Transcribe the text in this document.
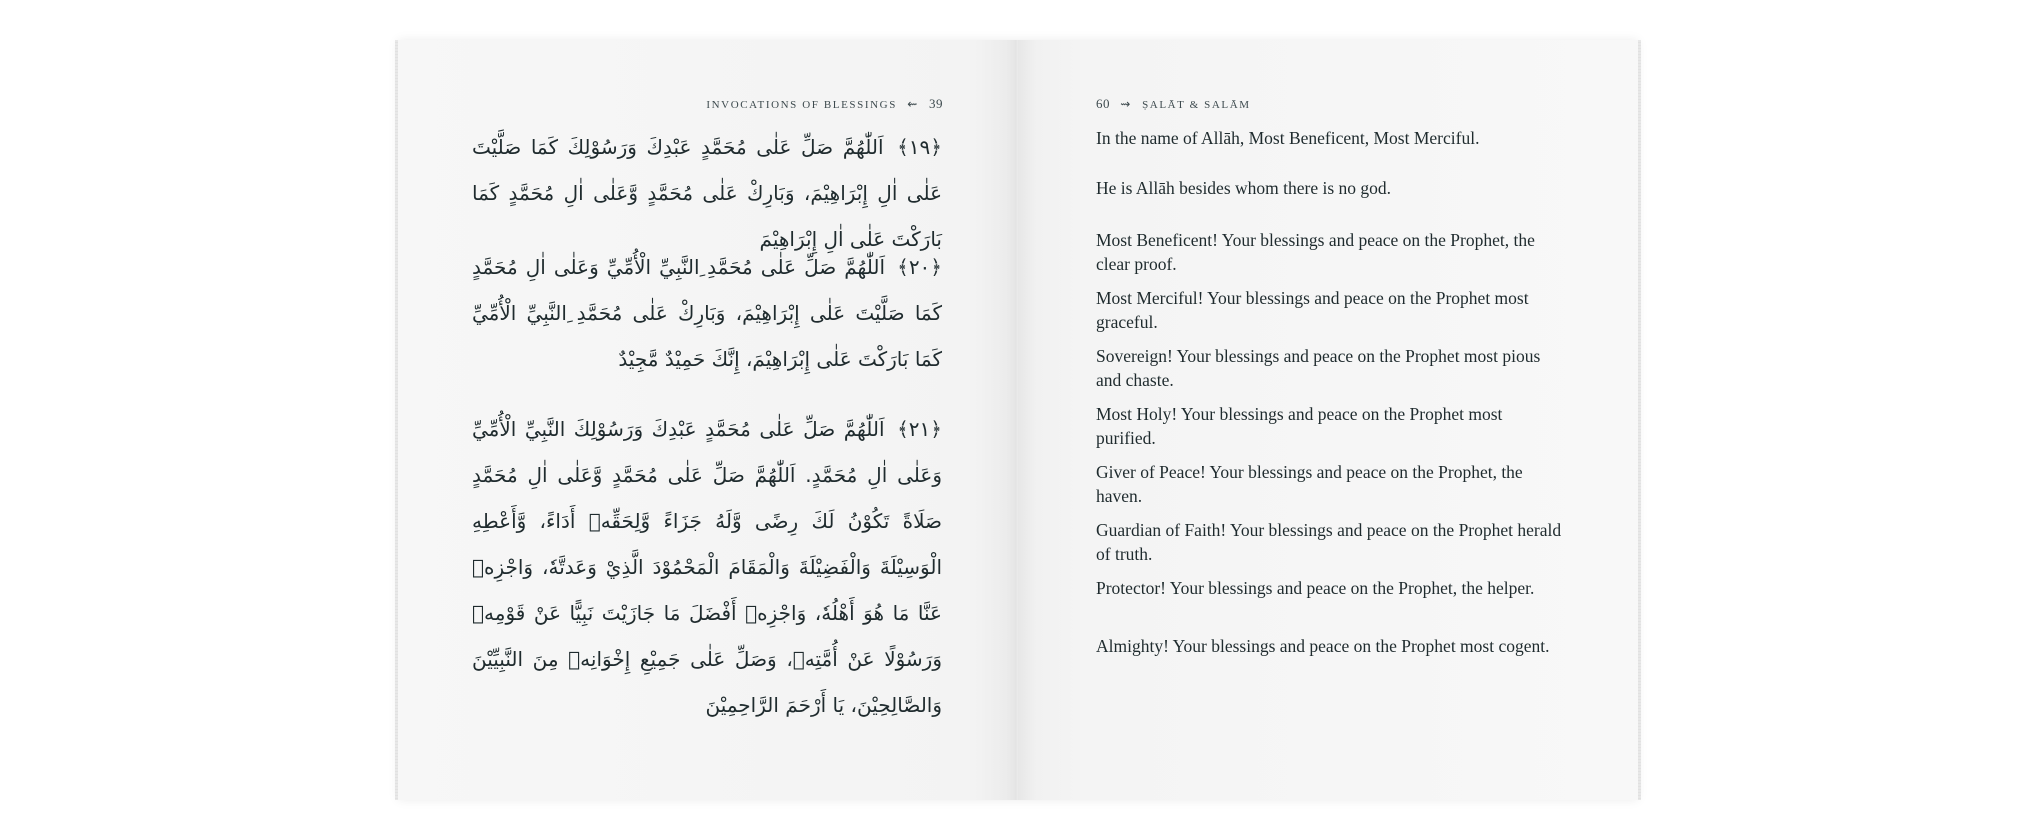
INVOCATIONS OF BLESSINGS ⇜ 39
﴿١٩﴾ اَللّٰهُمَّ صَلِّ عَلٰى مُحَمَّدٍ عَبْدِكَ وَرَسُوْلِكَ كَمَا صَلَّيْتَ عَلٰى اٰلِ إِبْرَاهِيْمَ، وَبَارِكْ عَلٰى مُحَمَّدٍ وَّعَلٰى اٰلِ مُحَمَّدٍ كَمَا بَارَكْتَ عَلٰى اٰلِ إِبْرَاهِيْمَ
﴿٢٠﴾ اَللّٰهُمَّ صَلِّ عَلٰى مُحَمَّدِ ِالنَّبِيِّ الْأُمِّيِّ وَعَلٰى اٰلِ مُحَمَّدٍ كَمَا صَلَّيْتَ عَلٰى إِبْرَاهِيْمَ، وَبَارِكْ عَلٰى مُحَمَّدِ ِالنَّبِيِّ الْأُمِّيِّ كَمَا بَارَكْتَ عَلٰى إِبْرَاهِيْمَ، إِنَّكَ حَمِيْدٌ مَّجِيْدٌ
﴿٢١﴾ اَللّٰهُمَّ صَلِّ عَلٰى مُحَمَّدٍ عَبْدِكَ وَرَسُوْلِكَ النَّبِيِّ الْأُمِّيِّ وَعَلٰى اٰلِ مُحَمَّدٍ. اَللّٰهُمَّ صَلِّ عَلٰى مُحَمَّدٍ وَّعَلٰى اٰلِ مُحَمَّدٍ صَلَاةً تَكُوْنُ لَكَ رِضًى وَّلَهُ جَزَاءً وَّلِحَقِّهٖ أَدَاءً، وَّأَعْطِهِ الْوَسِيْلَةَ وَالْفَضِيْلَةَ وَالْمَقَامَ الْمَحْمُوْدَ الَّذِيْ وَعَدتَّهٗ، وَاجْزِهٖ عَنَّا مَا هُوَ أَهْلُهٗ، وَاجْزِهٖ أَفْضَلَ مَا جَازَيْتَ نَبِيًّا عَنْ قَوْمِهٖ وَرَسُوْلًا عَنْ أُمَّتِهٖ، وَصَلِّ عَلٰى جَمِيْعِ إِخْوَانِهٖ مِنَ النَّبِيِّيْنَ وَالصَّالِحِيْنَ، يَا أَرْحَمَ الرَّاحِمِيْنَ
60 ⇝ ṢALĀT & SALĀM
In the name of Allāh, Most Beneficent, Most Merciful.
He is Allāh besides whom there is no god.
Most Beneficent! Your blessings and peace on the Prophet, the clear proof.
Most Merciful! Your blessings and peace on the Prophet most graceful.
Sovereign! Your blessings and peace on the Prophet most pious and chaste.
Most Holy! Your blessings and peace on the Prophet most purified.
Giver of Peace! Your blessings and peace on the Prophet, the haven.
Guardian of Faith! Your blessings and peace on the Prophet herald of truth.
Protector! Your blessings and peace on the Prophet, the helper.
Almighty! Your blessings and peace on the Prophet most cogent.
